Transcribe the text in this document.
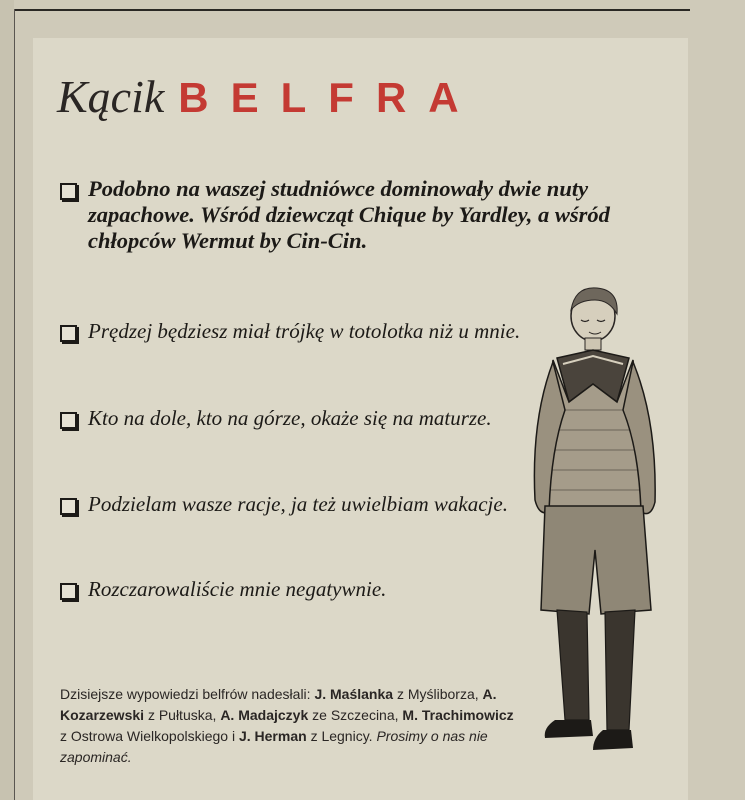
Kącik BELFRA
Podobno na waszej studniówce dominowały dwie nuty zapachowe. Wśród dziewcząt Chique by Yardley, a wśród chłopców Wermut by Cin-Cin.
Prędzej będziesz miał trójkę w totolotka niż u mnie.
Kto na dole, kto na górze, okaże się na maturze.
Podzielam wasze racje, ja też uwielbiam wakacje.
Rozczarowaliście mnie negatywnie.
Dzisiejsze wypowiedzi belfrów nadesłali: J. Maślanka z Myśliborza, A. Kozarzewski z Pułtuska, A. Madajczyk ze Szczecina, M. Trachimowicz z Ostrowa Wielkopolskiego i J. Herman z Legnicy. Prosimy o nas nie zapominać.
